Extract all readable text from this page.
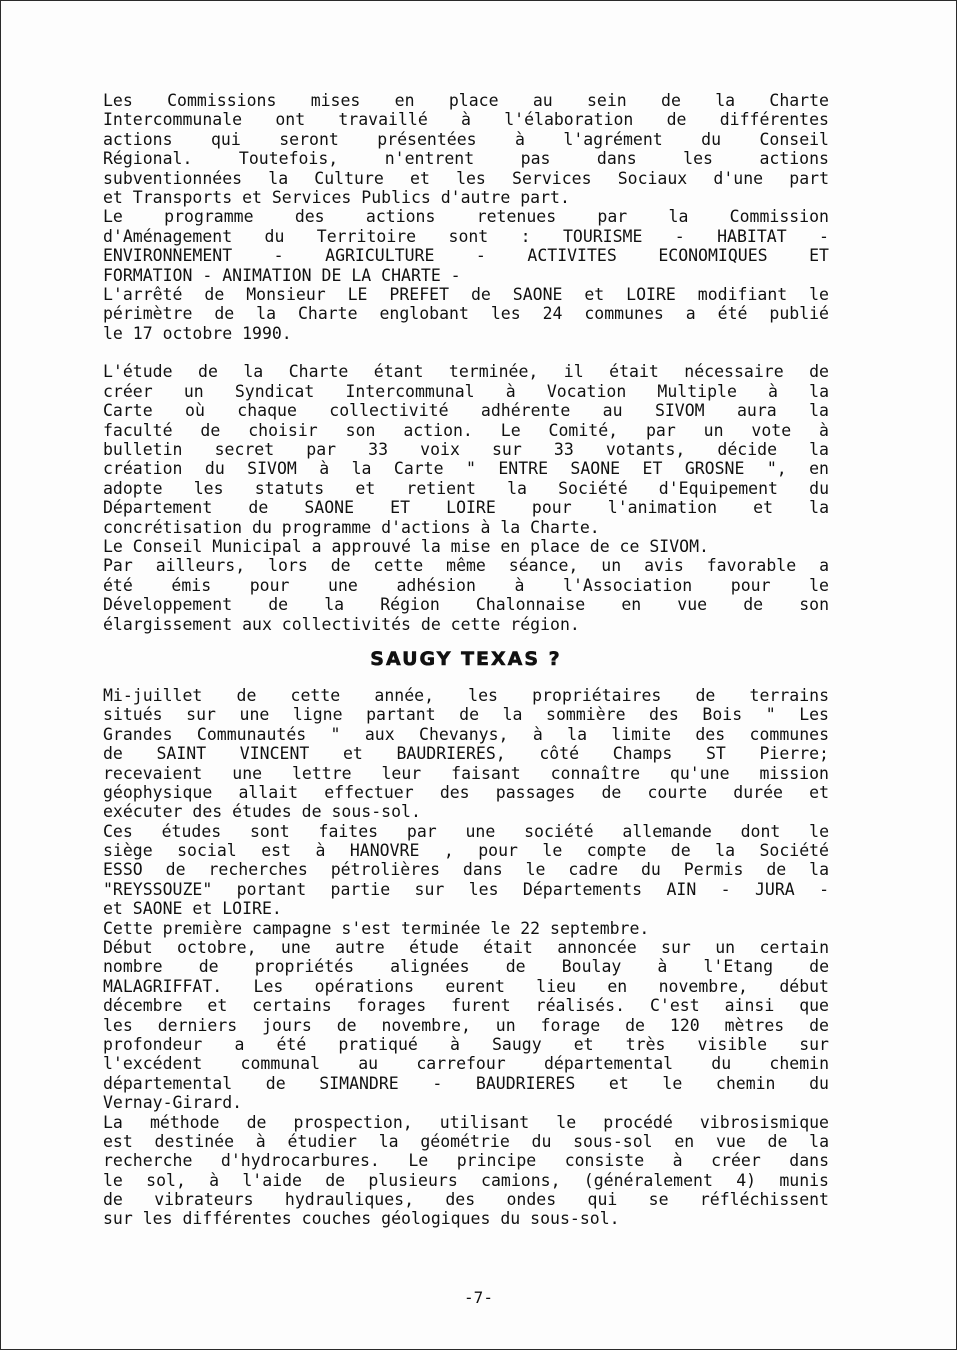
Les Commissions mises en place au sein de la Charte
Intercommunale ont travaillé à l'élaboration de différentes
actions qui seront présentées à l'agrément du Conseil
Régional. Toutefois, n'entrent pas dans les actions
subventionnées la Culture et les Services Sociaux d'une part
et Transports et Services Publics d'autre part.
Le programme des actions retenues par la Commission
d'Aménagement du Territoire sont : TOURISME - HABITAT -
ENVIRONNEMENT - AGRICULTURE - ACTIVITES ECONOMIQUES ET
FORMATION - ANIMATION DE LA CHARTE -
L'arrêté de Monsieur LE PREFET de SAONE et LOIRE modifiant le
périmètre de la Charte englobant les 24 communes a été publié
le 17 octobre 1990.
L'étude de la Charte étant terminée, il était nécessaire de
créer un Syndicat Intercommunal à Vocation Multiple à la
Carte où chaque collectivité adhérente au SIVOM aura la
faculté de choisir son action. Le Comité, par un vote à
bulletin secret par 33 voix sur 33 votants, décide la
création du SIVOM à la Carte " ENTRE SAONE ET GROSNE ", en
adopte les statuts et retient la Société d'Equipement du
Département de SAONE ET LOIRE pour l'animation et la
concrétisation du programme d'actions à la Charte.
Le Conseil Municipal a approuvé la mise en place de ce SIVOM.
Par ailleurs, lors de cette même séance, un avis favorable a
été émis pour une adhésion à l'Association pour le
Développement de la Région Chalonnaise en vue de son
élargissement aux collectivités de cette région.
SAUGY TEXAS ?
Mi-juillet de cette année, les propriétaires de terrains
situés sur une ligne partant de la sommière des Bois " Les
Grandes Communautés " aux Chevanys, à la limite des communes
de SAINT VINCENT et BAUDRIERES, côté Champs ST Pierre;
recevaient une lettre leur faisant connaître qu'une mission
géophysique allait effectuer des passages de courte durée et
exécuter des études de sous-sol.
Ces études sont faites par une société allemande dont le
siège social est à HANOVRE , pour le compte de la Société
ESSO de recherches pétrolières dans le cadre du Permis de la
"REYSSOUZE" portant partie sur les Départements AIN - JURA -
et SAONE et LOIRE.
Cette première campagne s'est terminée le 22 septembre.
Début octobre, une autre étude était annoncée sur un certain
nombre de propriétés alignées de Boulay à l'Etang de
MALAGRIFFAT. Les opérations eurent lieu en novembre, début
décembre et certains forages furent réalisés. C'est ainsi que
les derniers jours de novembre, un forage de 120 mètres de
profondeur a été pratiqué à Saugy et très visible sur
l'excédent communal au carrefour départemental du chemin
départemental de SIMANDRE - BAUDRIERES et le chemin du
Vernay-Girard.
La méthode de prospection, utilisant le procédé vibrosismique
est destinée à étudier la géométrie du sous-sol en vue de la
recherche d'hydrocarbures. Le principe consiste à créer dans
le sol, à l'aide de plusieurs camions, (généralement 4) munis
de vibrateurs hydrauliques, des ondes qui se réfléchissent
sur les différentes couches géologiques du sous-sol.
-7-
